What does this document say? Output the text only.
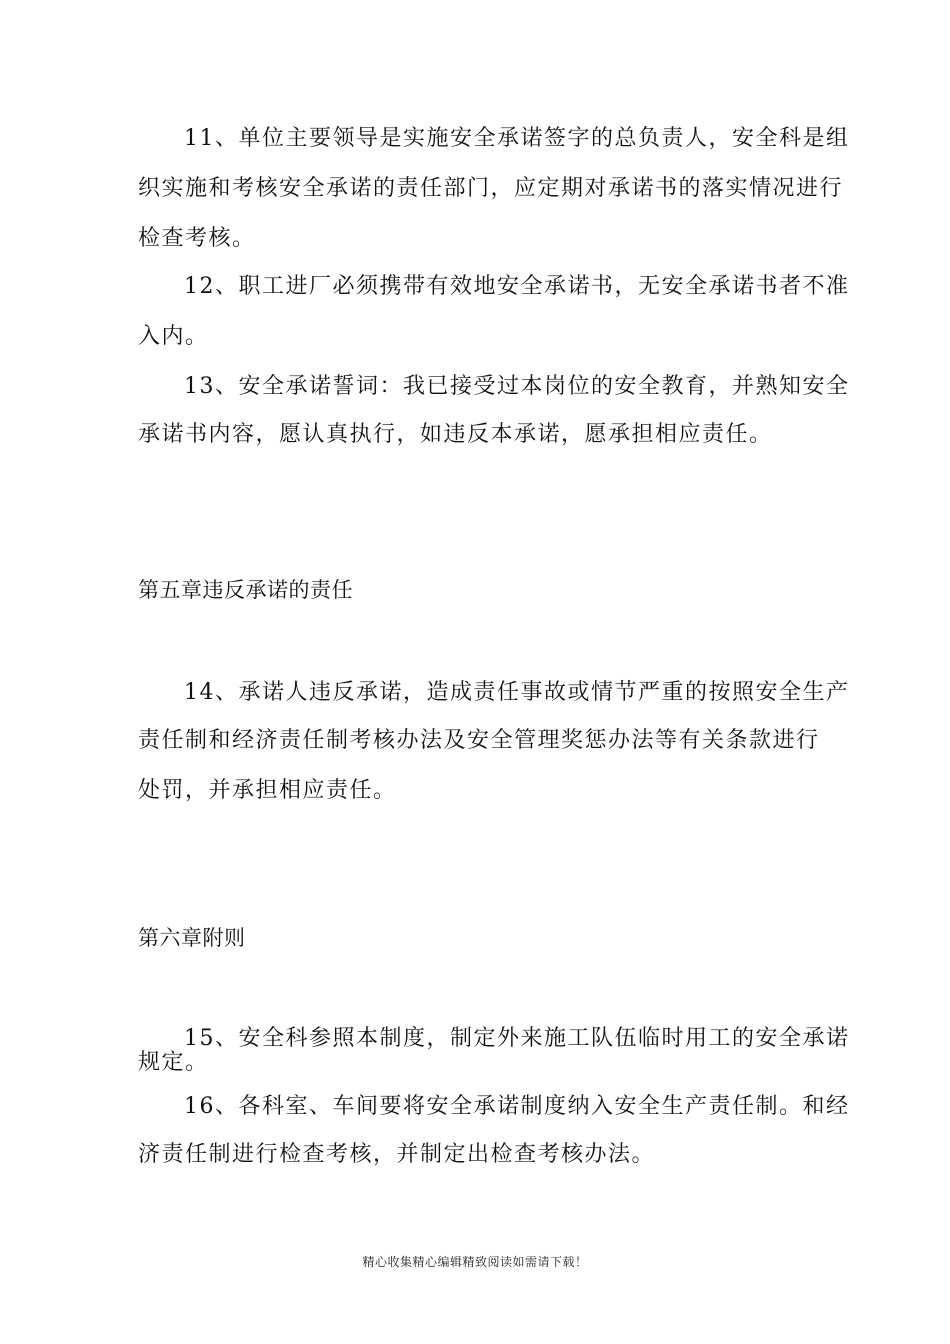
11、单位主要领导是实施安全承诺签字的总负责人，安全科是组
织实施和考核安全承诺的责任部门，应定期对承诺书的落实情况进行
检查考核。
12、职工进厂必须携带有效地安全承诺书，无安全承诺书者不准
入内。
13、安全承诺誓词：我已接受过本岗位的安全教育，并熟知安全
承诺书内容，愿认真执行，如违反本承诺，愿承担相应责任。
第五章违反承诺的责任
14、承诺人违反承诺，造成责任事故或情节严重的按照安全生产
责任制和经济责任制考核办法及安全管理奖惩办法等有关条款进行
处罚，并承担相应责任。
第六章附则
15、安全科参照本制度，制定外来施工队伍临时用工的安全承诺
规定。
16、各科室、车间要将安全承诺制度纳入安全生产责任制。和经
济责任制进行检查考核，并制定出检查考核办法。
精心收集精心编辑精致阅读如需请下载！
